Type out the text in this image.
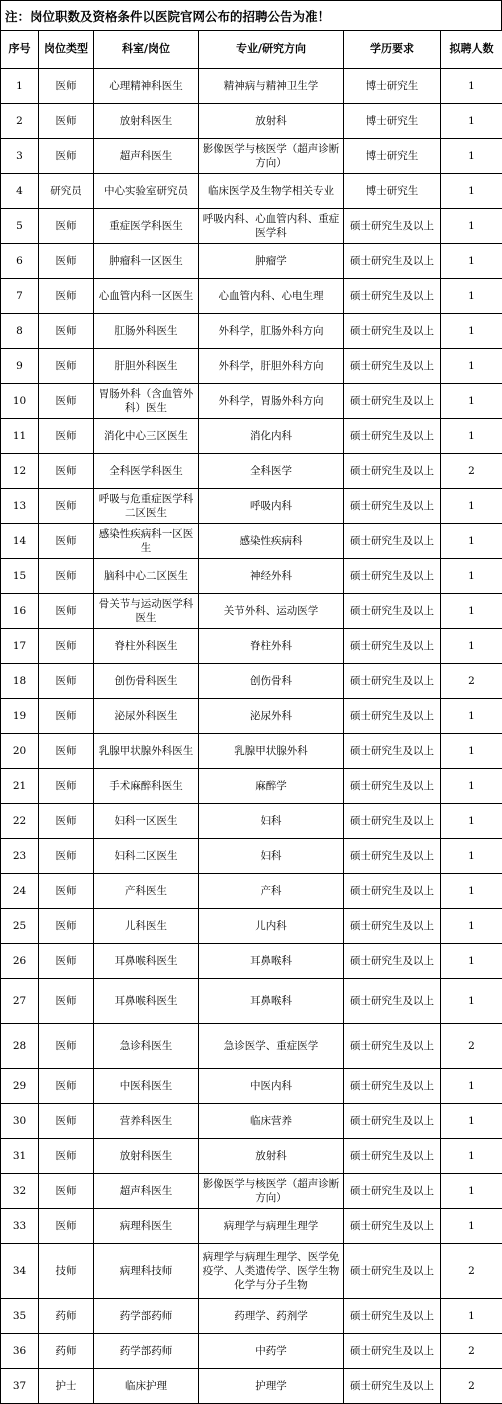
注：岗位职数及资格条件以医院官网公布的招聘公告为准！
序号	岗位类型	科室/岗位	专业/研究方向	学历要求	拟聘人数
1	医师	心理精神科医生	精神病与精神卫生学	博士研究生	1
2	医师	放射科医生	放射科	博士研究生	1
3	医师	超声科医生	影像医学与核医学（超声诊断方向）	博士研究生	1
4	研究员	中心实验室研究员	临床医学及生物学相关专业	博士研究生	1
5	医师	重症医学科医生	呼吸内科、心血管内科、重症医学科	硕士研究生及以上	1
6	医师	肿瘤科一区医生	肿瘤学	硕士研究生及以上	1
7	医师	心血管内科一区医生	心血管内科、心电生理	硕士研究生及以上	1
8	医师	肛肠外科医生	外科学，肛肠外科方向	硕士研究生及以上	1
9	医师	肝胆外科医生	外科学，肝胆外科方向	硕士研究生及以上	1
10	医师	胃肠外科（含血管外科）医生	外科学，胃肠外科方向	硕士研究生及以上	1
11	医师	消化中心三区医生	消化内科	硕士研究生及以上	1
12	医师	全科医学科医生	全科医学	硕士研究生及以上	2
13	医师	呼吸与危重症医学科二区医生	呼吸内科	硕士研究生及以上	1
14	医师	感染性疾病科一区医生	感染性疾病科	硕士研究生及以上	1
15	医师	脑科中心二区医生	神经外科	硕士研究生及以上	1
16	医师	骨关节与运动医学科医生	关节外科、运动医学	硕士研究生及以上	1
17	医师	脊柱外科医生	脊柱外科	硕士研究生及以上	1
18	医师	创伤骨科医生	创伤骨科	硕士研究生及以上	2
19	医师	泌尿外科医生	泌尿外科	硕士研究生及以上	1
20	医师	乳腺甲状腺外科医生	乳腺甲状腺外科	硕士研究生及以上	1
21	医师	手术麻醉科医生	麻醉学	硕士研究生及以上	1
22	医师	妇科一区医生	妇科	硕士研究生及以上	1
23	医师	妇科二区医生	妇科	硕士研究生及以上	1
24	医师	产科医生	产科	硕士研究生及以上	1
25	医师	儿科医生	儿内科	硕士研究生及以上	1
26	医师	耳鼻喉科医生	耳鼻喉科	硕士研究生及以上	1
27	医师	耳鼻喉科医生	耳鼻喉科	硕士研究生及以上	1
28	医师	急诊科医生	急诊医学、重症医学	硕士研究生及以上	2
29	医师	中医科医生	中医内科	硕士研究生及以上	1
30	医师	营养科医生	临床营养	硕士研究生及以上	1
31	医师	放射科医生	放射科	硕士研究生及以上	1
32	医师	超声科医生	影像医学与核医学（超声诊断方向）	硕士研究生及以上	1
33	医师	病理科医生	病理学与病理生理学	硕士研究生及以上	1
34	技师	病理科技师	病理学与病理生理学、医学免疫学、人类遗传学、医学生物化学与分子生物	硕士研究生及以上	2
35	药师	药学部药师	药理学、药剂学	硕士研究生及以上	1
36	药师	药学部药师	中药学	硕士研究生及以上	2
37	护士	临床护理	护理学	硕士研究生及以上	2
